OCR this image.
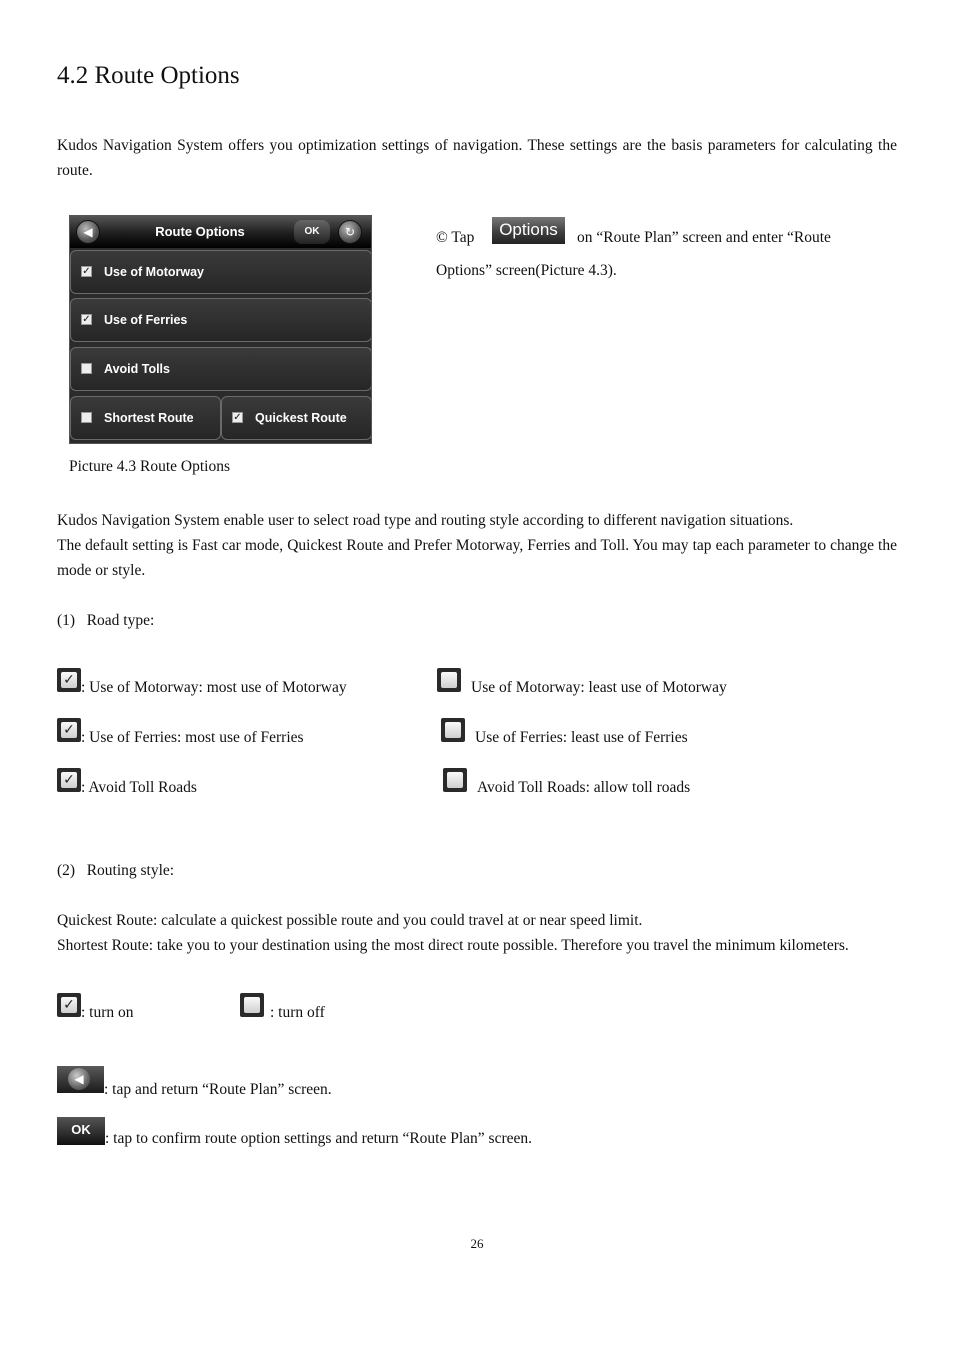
4.2 Route Options
Kudos Navigation System offers you optimization settings of navigation. These settings are the basis parameters for calculating the route.
◀	Route Options	OK	↻
✓ Use of Motorway
✓ Use of Ferries
Avoid Tolls
Shortest Route	✓ Quickest Route
© Tap	Options	on “Route Plan” screen and enter “Route
Options” screen(Picture 4.3).
Picture 4.3 Route Options
Kudos Navigation System enable user to select road type and routing style according to different navigation situations.
The default setting is Fast car mode, Quickest Route and Prefer Motorway, Ferries and Toll. You may tap each parameter to change the mode or style.
(1)   Road type:
✓ : Use of Motorway: most use of Motorway	Use of Motorway: least use of Motorway
✓ : Use of Ferries: most use of Ferries	Use of Ferries: least use of Ferries
✓ : Avoid Toll Roads	Avoid Toll Roads: allow toll roads
(2)   Routing style:
Quickest Route: calculate a quickest possible route and you could travel at or near speed limit.
Shortest Route: take you to your destination using the most direct route possible. Therefore you travel the minimum kilometers.
✓ : turn on	: turn off
◀
: tap and return “Route Plan” screen.
OK
: tap to confirm route option settings and return “Route Plan” screen.
26
